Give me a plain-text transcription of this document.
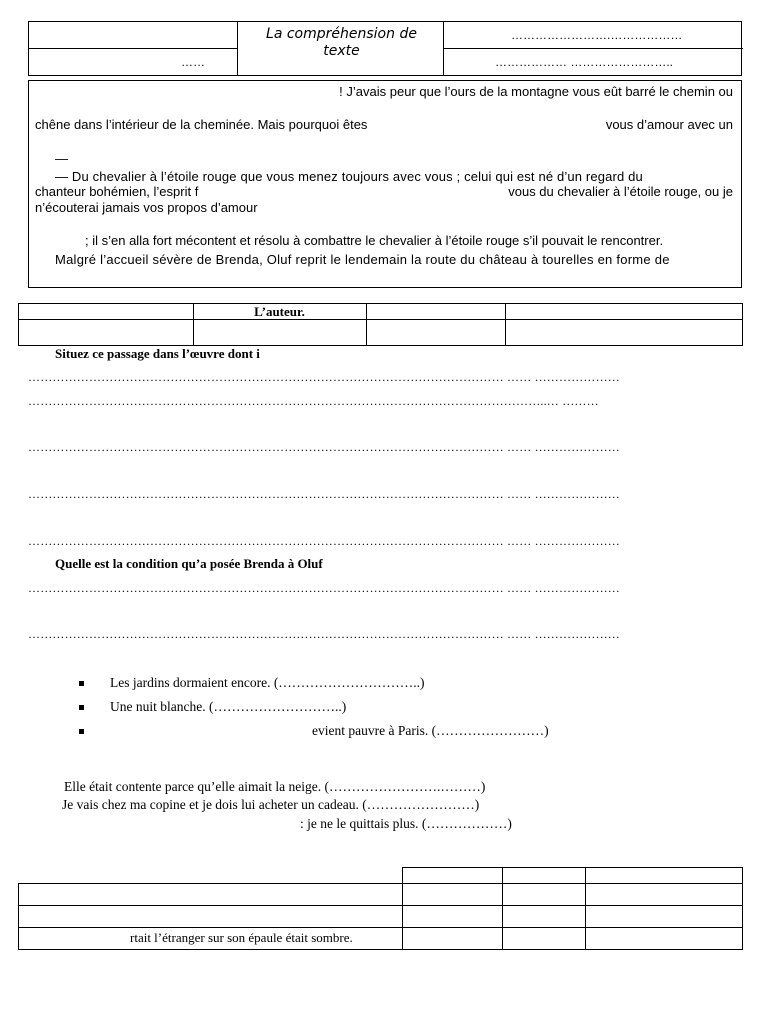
La compréhension de
texte
…………………….………………
……	……………… ……………………..
! J’avais peur que l’ours de la montagne vous eût barré le chemin ou
chêne dans l’intérieur de la cheminée. Mais pourquoi êtes	vous d’amour avec un
—
— Du chevalier à l’étoile rouge que vous menez toujours avec vous ; celui qui est né d’un regard du
chanteur bohémien, l’esprit f	vous du chevalier à l’étoile rouge, ou je
n’écouterai jamais vos propos d’amour
; il s’en alla fort mécontent et résolu à combattre le chevalier à l’étoile rouge s’il pouvait le rencontrer.
Malgré l’accueil sévère de Brenda, Oluf reprit le lendemain la route du château à tourelles en forme de
L’auteur.
Situez ce passage dans l’œuvre dont i
……………………………………………………………………………………………………… …… …………………
………………………………………………………………………………………………………………..… ………
……………………………………………………………………………………………………… …… …………………
……………………………………………………………………………………………………… …… …………………
……………………………………………………………………………………………………… …… …………………
Quelle est la condition qu’a posée Brenda à Oluf
……………………………………………………………………………………………………… …… …………………
……………………………………………………………………………………………………… …… …………………
Les jardins dormaient encore. (…………………………..)
Une nuit blanche. (………………………..)
evient pauvre à Paris. (……………………)
Elle était contente parce qu’elle aimait la neige. (…………………….………)
Je vais chez ma copine et je dois lui acheter un cadeau. (……………………)
: je ne le quittais plus. (………………)
rtait l’étranger sur son épaule était sombre.
